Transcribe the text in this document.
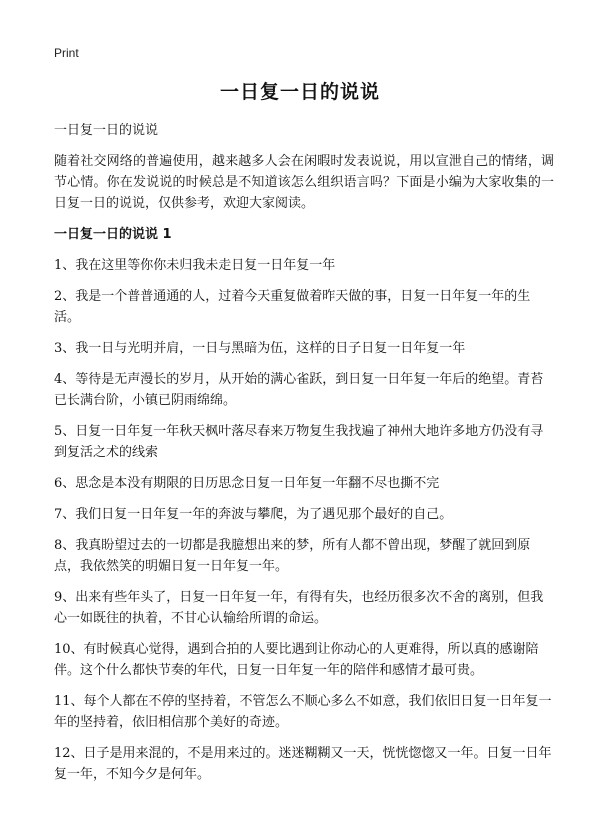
Print
一日复一日的说说

一日复一日的说说

随着社交网络的普遍使用，越来越多人会在闲暇时发表说说，用以宣泄自己的情绪，调节心情。你在发说说的时候总是不知道该怎么组织语言吗？下面是小编为大家收集的一日复一日的说说，仅供参考，欢迎大家阅读。

一日复一日的说说 1

1、我在这里等你你未归我未走日复一日年复一年

2、我是一个普普通通的人，过着今天重复做着昨天做的事，日复一日年复一年的生活。

3、我一日与光明并肩，一日与黑暗为伍，这样的日子日复一日年复一年

4、等待是无声漫长的岁月，从开始的满心雀跃，到日复一日年复一年后的绝望。青苔已长满台阶，小镇已阴雨绵绵。

5、日复一日年复一年秋天枫叶落尽春来万物复生我找遍了神州大地许多地方仍没有寻到复活之术的线索

6、思念是本没有期限的日历思念日复一日年复一年翻不尽也撕不完

7、我们日复一日年复一年的奔波与攀爬，为了遇见那个最好的自己。

8、我真盼望过去的一切都是我臆想出来的梦，所有人都不曾出现，梦醒了就回到原点，我依然笑的明媚日复一日年复一年。

9、出来有些年头了，日复一日年复一年，有得有失，也经历很多次不舍的离别，但我心一如既往的执着，不甘心认输给所谓的命运。

10、有时候真心觉得，遇到合拍的人要比遇到让你动心的人更难得，所以真的感谢陪伴。这个什么都快节奏的年代，日复一日年复一年的陪伴和感情才最可贵。

11、每个人都在不停的坚持着，不管怎么不顺心多么不如意，我们依旧日复一日年复一年的坚持着，依旧相信那个美好的奇迹。

12、日子是用来混的，不是用来过的。迷迷糊糊又一天，恍恍惚惚又一年。日复一日年复一年，不知今夕是何年。
